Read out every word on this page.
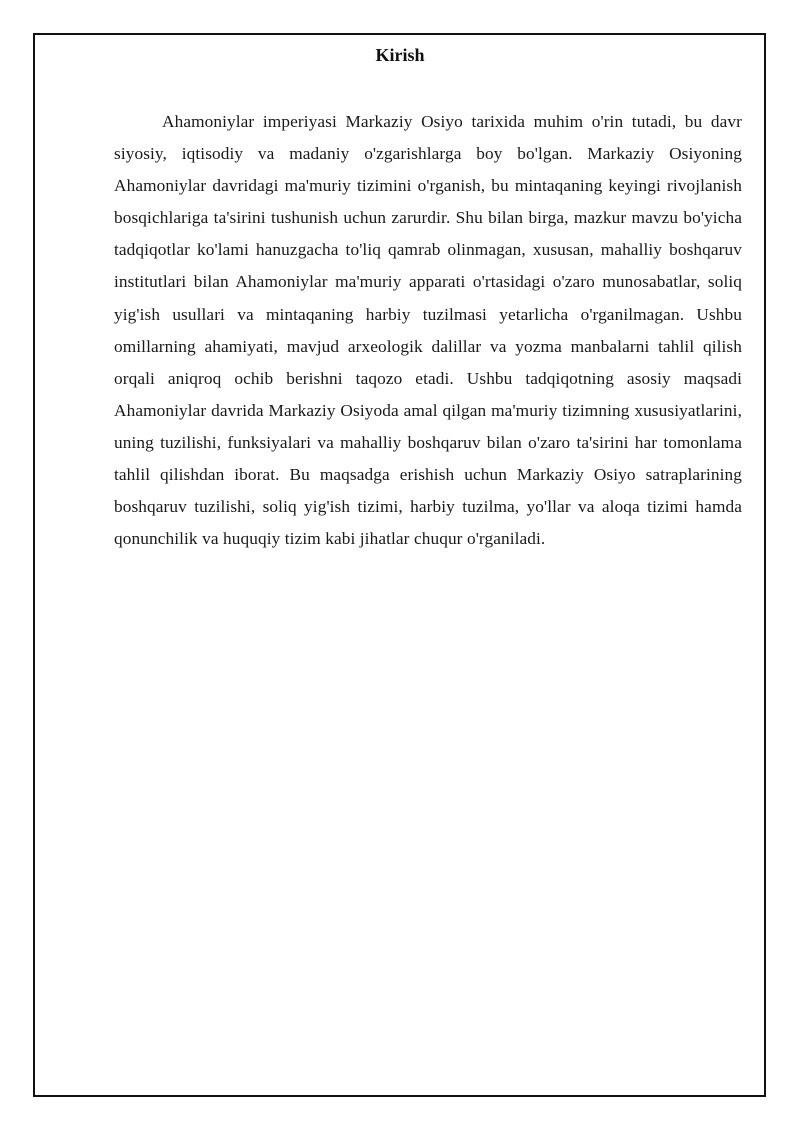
Kirish

Ahamoniylar imperiyasi Markaziy Osiyo tarixida muhim o'rin tutadi, bu davr siyosiy, iqtisodiy va madaniy o'zgarishlarga boy bo'lgan. Markaziy Osiyoning Ahamoniylar davridagi ma'muriy tizimini o'rganish, bu mintaqaning keyingi rivojlanish bosqichlariga ta'sirini tushunish uchun zarurdir. Shu bilan birga, mazkur mavzu bo'yicha tadqiqotlar ko'lami hanuzgacha to'liq qamrab olinmagan, xususan, mahalliy boshqaruv institutlari bilan Ahamoniylar ma'muriy apparati o'rtasidagi o'zaro munosabatlar, soliq yig'ish usullari va mintaqaning harbiy tuzilmasi yetarlicha o'rganilmagan. Ushbu omillarning ahamiyati, mavjud arxeologik dalillar va yozma manbalarni tahlil qilish orqali aniqroq ochib berishni taqozo etadi. Ushbu tadqiqotning asosiy maqsadi Ahamoniylar davrida Markaziy Osiyoda amal qilgan ma'muriy tizimning xususiyatlarini, uning tuzilishi, funksiyalari va mahalliy boshqaruv bilan o'zaro ta'sirini har tomonlama tahlil qilishdan iborat. Bu maqsadga erishish uchun Markaziy Osiyo satraplarining boshqaruv tuzilishi, soliq yig'ish tizimi, harbiy tuzilma, yo'llar va aloqa tizimi hamda qonunchilik va huquqiy tizim kabi jihatlar chuqur o'rganiladi.
